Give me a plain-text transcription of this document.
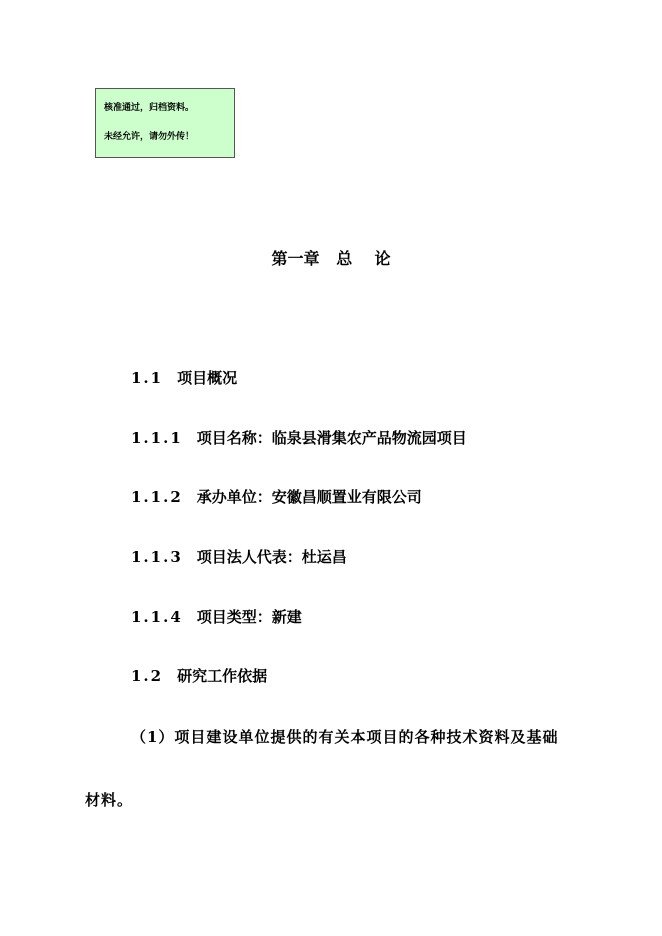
核准通过，归档资料。
未经允许，请勿外传！
第一章   总    论
1.1 项目概况
1.1.1 项目名称：临泉县滑集农产品物流园项目
1.1.2 承办单位：安徽昌顺置业有限公司
1.1.3 项目法人代表：杜运昌
1.1.4 项目类型：新建
1.2 研究工作依据
（1）项目建设单位提供的有关本项目的各种技术资料及基础
材料。
